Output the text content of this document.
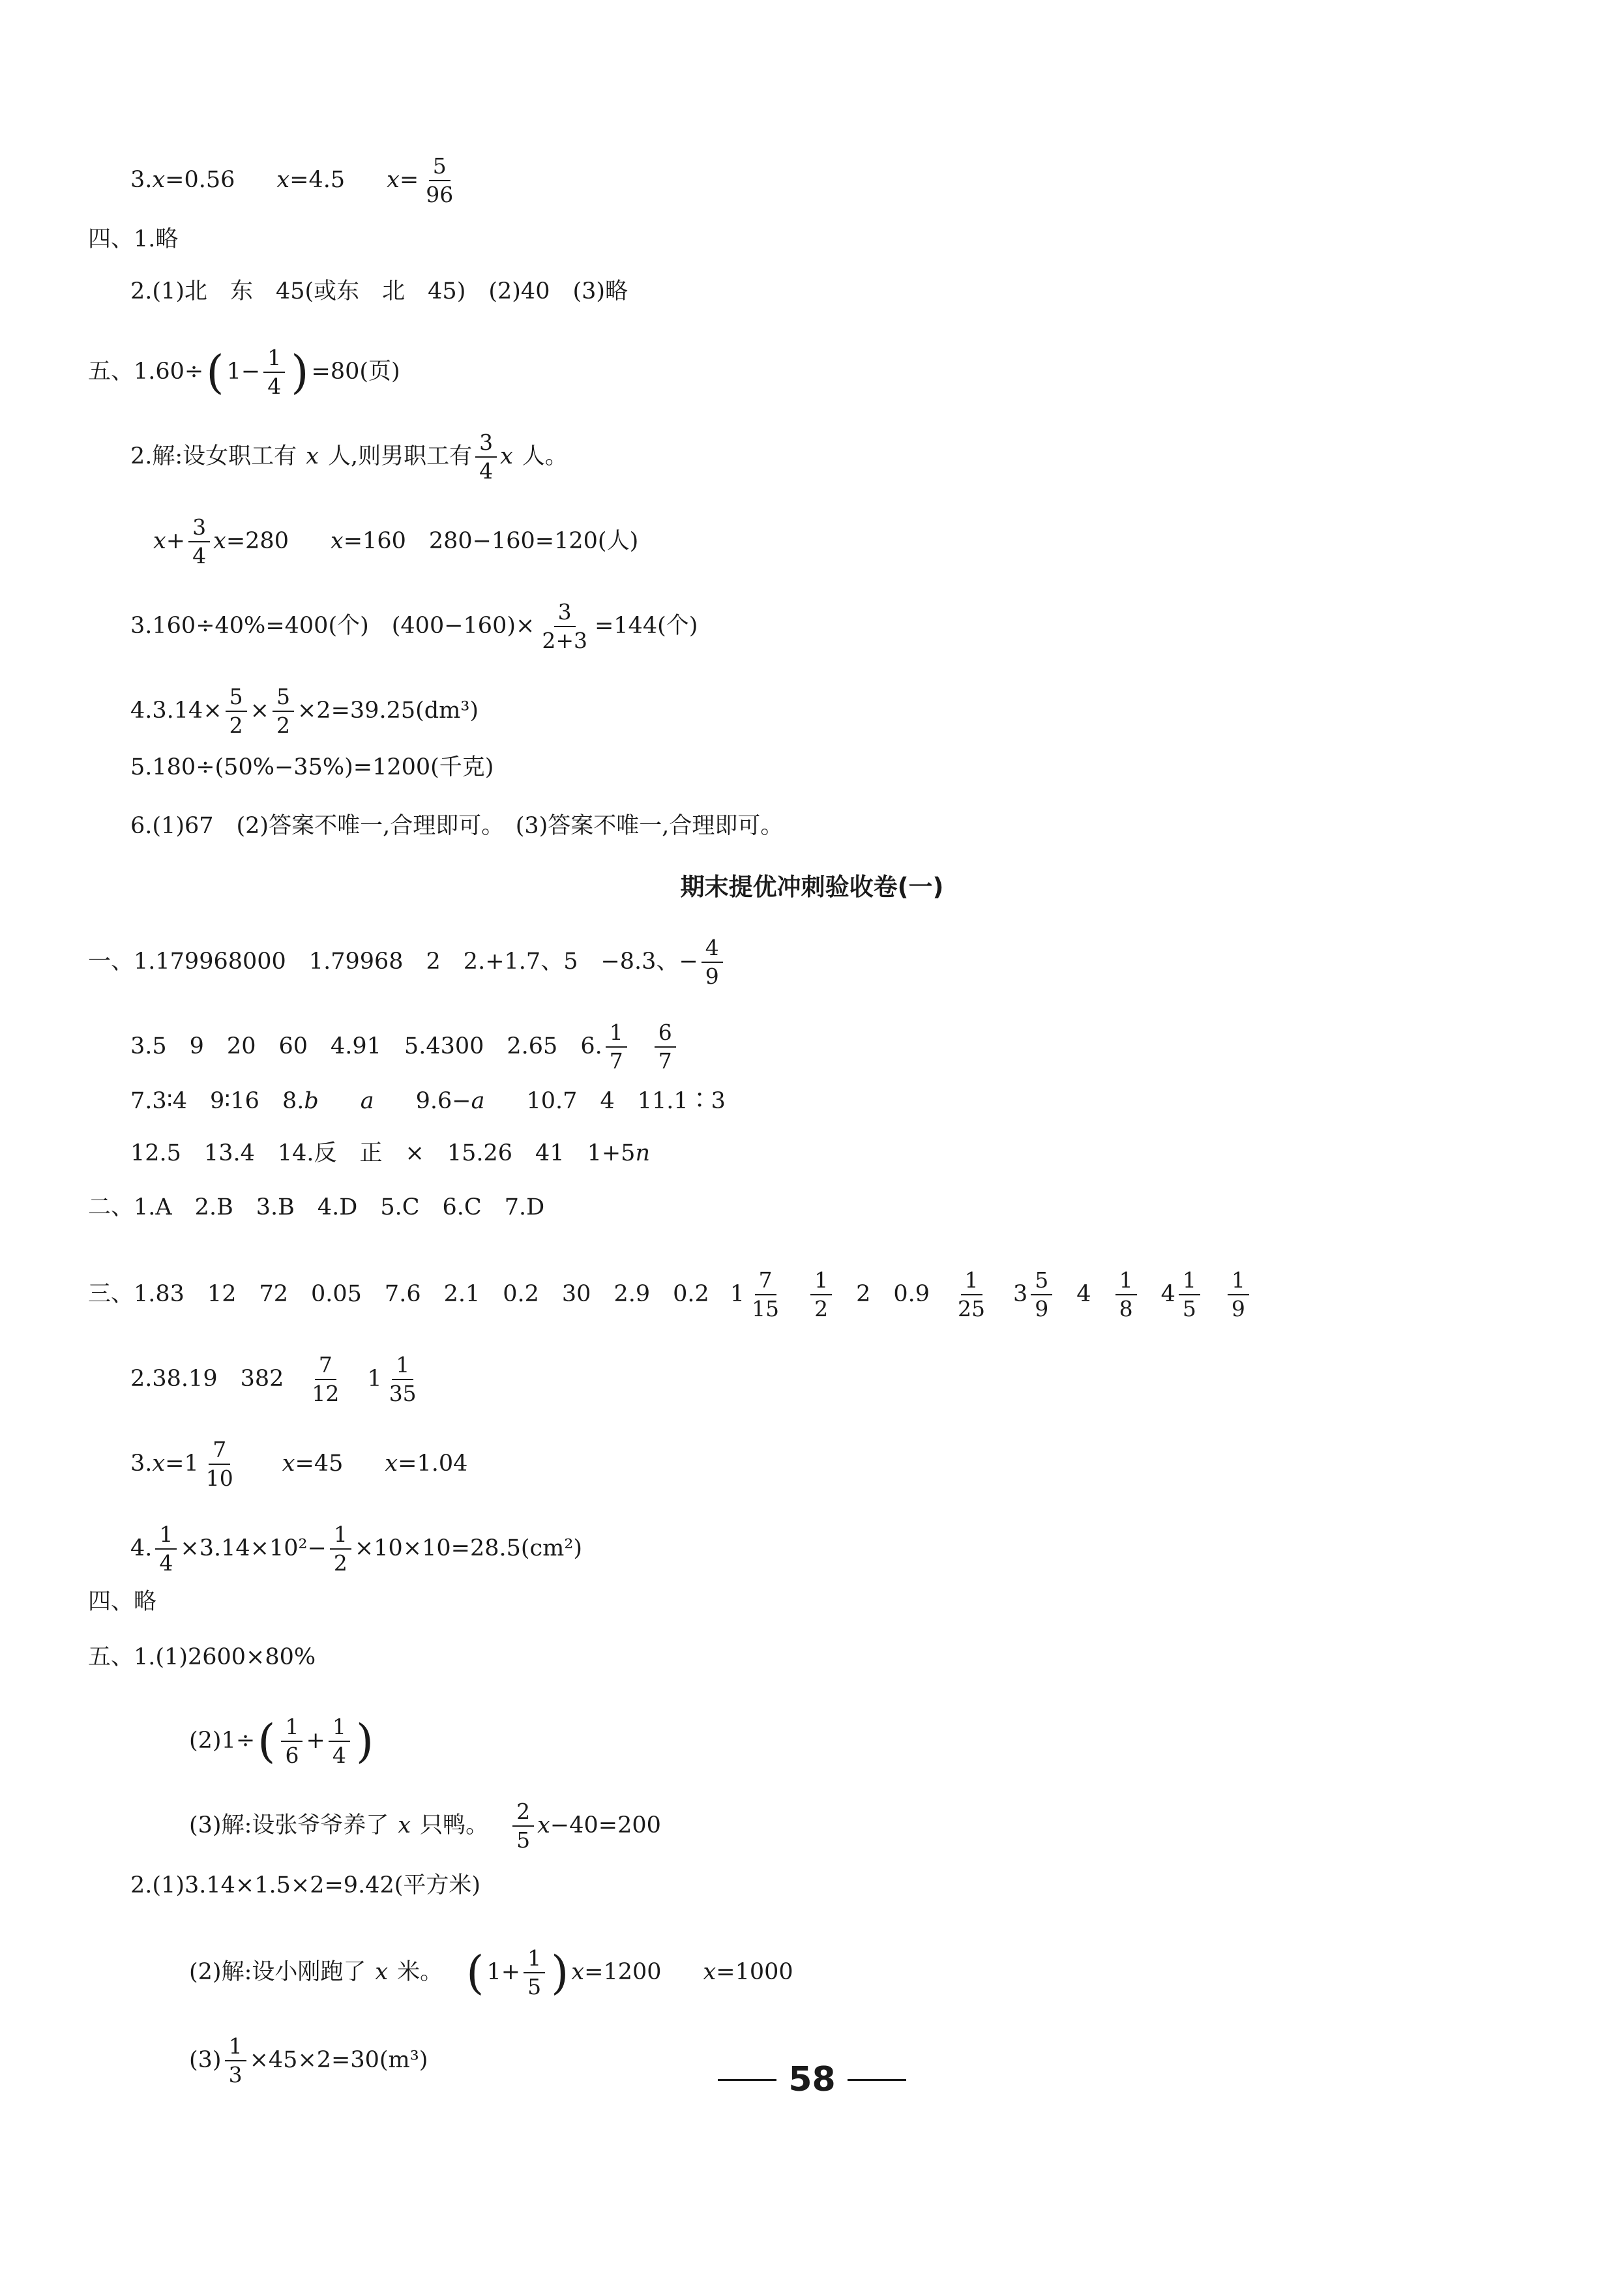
3. x =0.56 x =4.5 $x = \frac{5}{96}$
四、1.略
2.(1)北　东　45(或东　北　45)　(2)40　(3)略
五、1.60÷ ( $1- \frac{1}{4}$ ) =80(页)
2.解:设女职工有 x 人,则男职工有 $\frac{3}{4}$ x 人。
$x + \frac{3}{4}$ x =280 x =160　280−160=120(人)
3.160÷40%=400(个)　$(400-160)\times \frac{3}{2+3} =144$(个)
$4.3.14\times \frac{5}{2} \times \frac{5}{2} \times 2=39.25(dm^3)$
5.180÷(50%−35%)=1200(千克)
6.(1)67　(2)答案不唯一,合理即可。　(3)答案不唯一,合理即可。
期末提优冲刺验收卷(一)
一、1.179968000　1.79968　2　2.+1.7、5　−8.3、− $\frac{4}{9}$
3.5　9　20　60　4.91　5.4300　2.65　6. $\frac{1}{7} \frac{6}{7}$
7.3∶4　9∶16　8. b a 9.6− a 10.7　4　11.1∶3
12.5　13.4　14.反　正　×　15.26　41　1+5 n
二、1.A　2.B　3.B　4.D　5.C　6.C　7.D
三、1.83　12　72　0.05　7.6　2.1　0.2　30　2.9　0.2 $1 \frac{7}{15} \frac{1}{2} 2$　$0.9 \frac{1}{25} 3 \frac{5}{9} 4 \frac{1}{8} 4 \frac{1}{5} \frac{1}{9}$
2.38.19　$382 \frac{7}{12} 1 \frac{1}{35}$
3. $x =1 \frac{7}{10}$ x =45 x =1.04
4. $\frac{1}{4} \times 3.14\times 10^2- \frac{1}{2} \times 10\times 10=28.5(cm^2)$
四、略
五、1.(1)2600×80%
(2)1÷ ( $\frac{1}{6} + \frac{1}{4}$ )
(3)解:设张爷爷养了 x 只鸭。 $\frac{2}{5}$ x −40=200
2.(1)3.14×1.5×2=9.42(平方米)
(2)解:设小刚跑了 x 米。 ( $1+ \frac{1}{5}$ ) x =1200 x =1000
$(3) \frac{1}{3} \times 45\times 2=30(m^3)$	58
